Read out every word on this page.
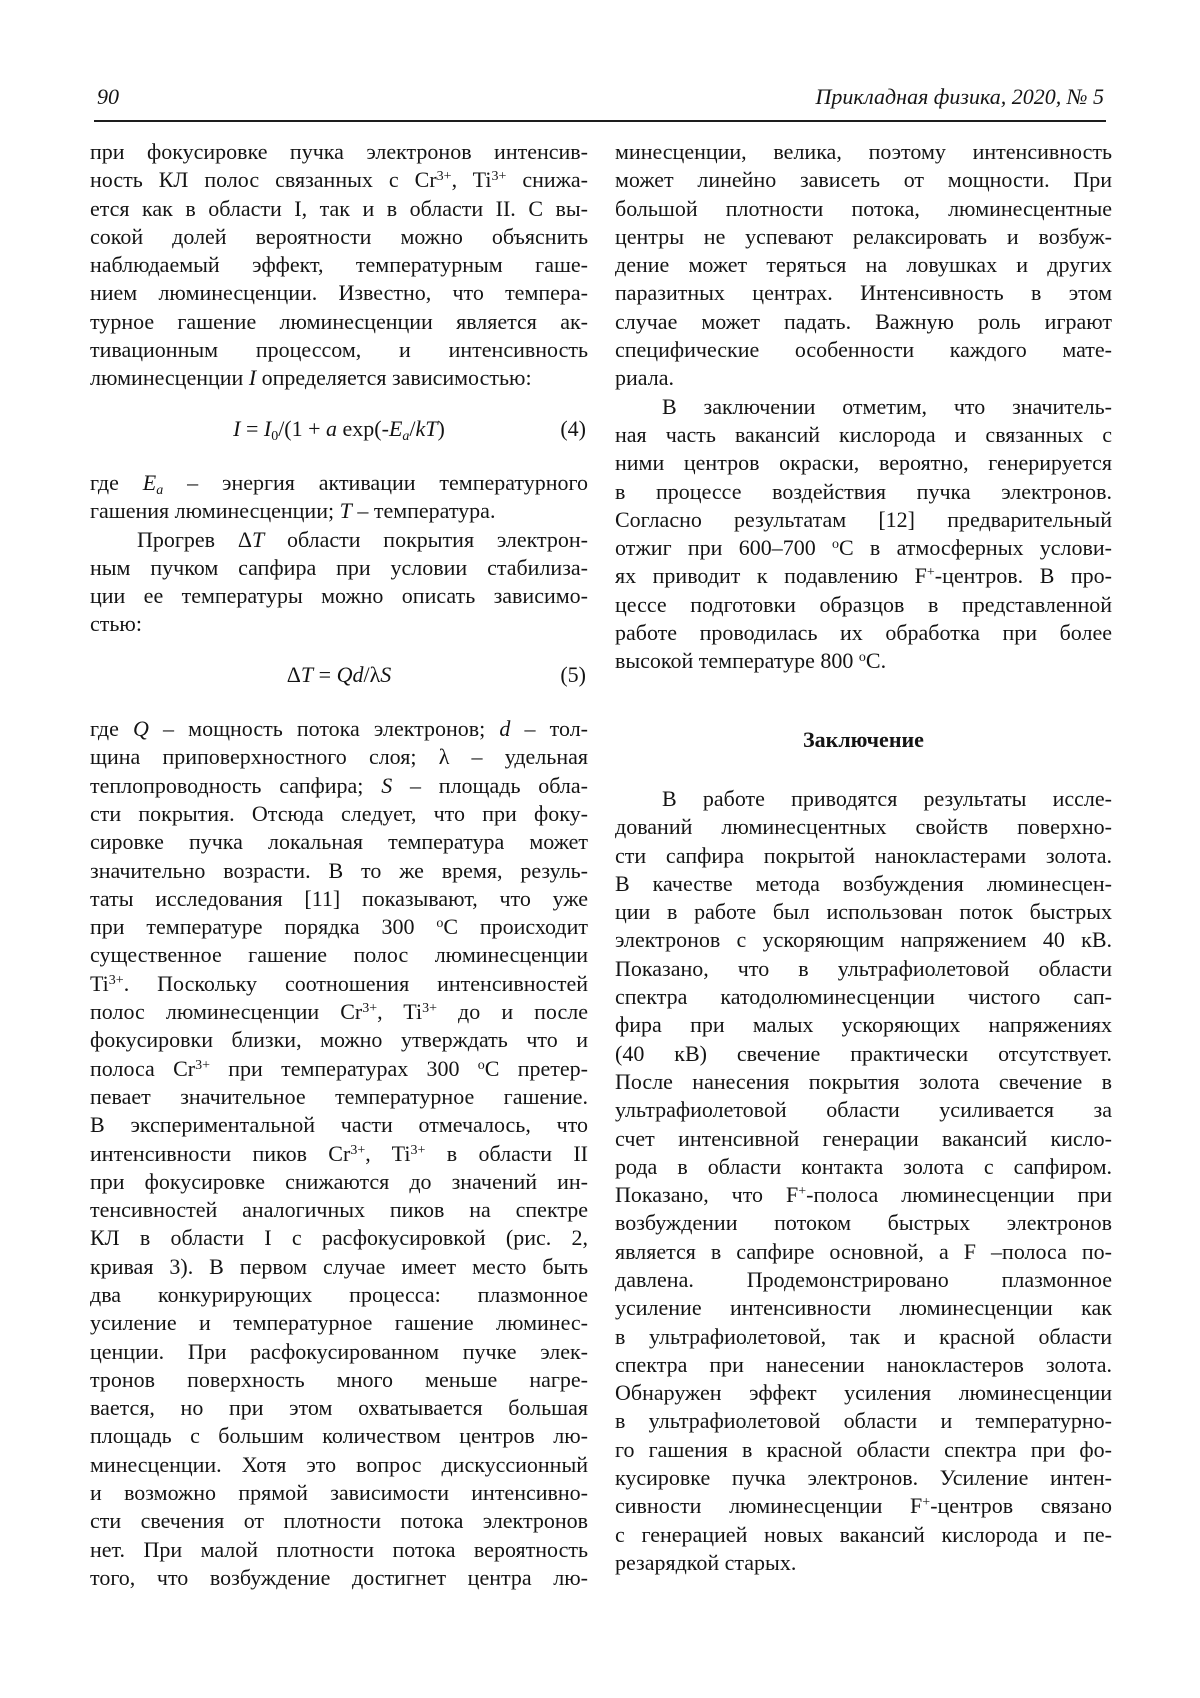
90	Прикладная физика, 2020, № 5
при фокусировке пучка электронов интенсив-
ность КЛ полос связанных с $Cr^{3+}$, $Ti^{3+}$ снижа-
ется как в области I, так и в области II. С вы-
сокой долей вероятности можно объяснить
наблюдаемый эффект, температурным гаше-
нием люминесценции. Известно, что темпера-
турное гашение люминесценции является ак-
тивационным процессом, и интенсивность
люминесценции I определяется зависимостью:
I = I0/(1 + a exp(-Ea/kT)	(4)
где Ea – энергия активации температурного
гашения люминесценции; T – температура.
Прогрев ΔT области покрытия электрон-
ным пучком сапфира при условии стабилиза-
ции ее температуры можно описать зависимо-
стью:
ΔT = Qd/λS	(5)
где Q – мощность потока электронов; d – тол-
щина приповерхностного слоя; λ – удельная
теплопроводность сапфира; S – площадь обла-
сти покрытия. Отсюда следует, что при фоку-
сировке пучка локальная температура может
значительно возрасти. В то же время, резуль-
таты исследования [11] показывают, что уже
при температуре порядка 300 $^о$С происходит
существенное гашение полос люминесценции
$Ti^{3+}$. Поскольку соотношения интенсивностей
полос люминесценции $Cr^{3+}$, $Ti^{3+}$ до и после
фокусировки близки, можно утверждать что и
полоса $Cr^{3+}$ при температурах 300 $^о$С претер-
певает значительное температурное гашение.
В экспериментальной части отмечалось, что
интенсивности пиков $Cr^{3+}$, $Ti^{3+}$ в области II
при фокусировке снижаются до значений ин-
тенсивностей аналогичных пиков на спектре
КЛ в области I с расфокусировкой (рис. 2,
кривая 3). В первом случае имеет место быть
два конкурирующих процесса: плазмонное
усиление и температурное гашение люминес-
ценции. При расфокусированном пучке элек-
тронов поверхность много меньше нагре-
вается, но при этом охватывается большая
площадь с большим количеством центров лю-
минесценции. Хотя это вопрос дискуссионный
и возможно прямой зависимости интенсивно-
сти свечения от плотности потока электронов
нет. При малой плотности потока вероятность
того, что возбуждение достигнет центра лю-
минесценции, велика, поэтому интенсивность
может линейно зависеть от мощности. При
большой плотности потока, люминесцентные
центры не успевают релаксировать и возбуж-
дение может теряться на ловушках и других
паразитных центрах. Интенсивность в этом
случае может падать. Важную роль играют
специфические особенности каждого мате-
риала.
В заключении отметим, что значитель-
ная часть вакансий кислорода и связанных с
ними центров окраски, вероятно, генерируется
в процессе воздействия пучка электронов.
Согласно результатам [12] предварительный
отжиг при 600–700 $^о$С в атмосферных услови-
ях приводит к подавлению F+-центров. В про-
цессе подготовки образцов в представленной
работе проводилась их обработка при более
высокой температуре 800 $^о$С.
Заключение
В работе приводятся результаты иссле-
дований люминесцентных свойств поверхно-
сти сапфира покрытой нанокластерами золота.
В качестве метода возбуждения люминесцен-
ции в работе был использован поток быстрых
электронов с ускоряющим напряжением 40 кВ.
Показано, что в ультрафиолетовой области
спектра катодолюминесценции чистого сап-
фира при малых ускоряющих напряжениях
(40 кВ) свечение практически отсутствует.
После нанесения покрытия золота свечение в
ультрафиолетовой области усиливается за
счет интенсивной генерации вакансий кисло-
рода в области контакта золота с сапфиром.
Показано, что F+-полоса люминесценции при
возбуждении потоком быстрых электронов
является в сапфире основной, а F –полоса по-
давлена. Продемонстрировано плазмонное
усиление интенсивности люминесценции как
в ультрафиолетовой, так и красной области
спектра при нанесении нанокластеров золота.
Обнаружен эффект усиления люминесценции
в ультрафиолетовой области и температурно-
го гашения в красной области спектра при фо-
кусировке пучка электронов. Усиление интен-
сивности люминесценции F+-центров связано
с генерацией новых вакансий кислорода и пе-
резарядкой старых.
